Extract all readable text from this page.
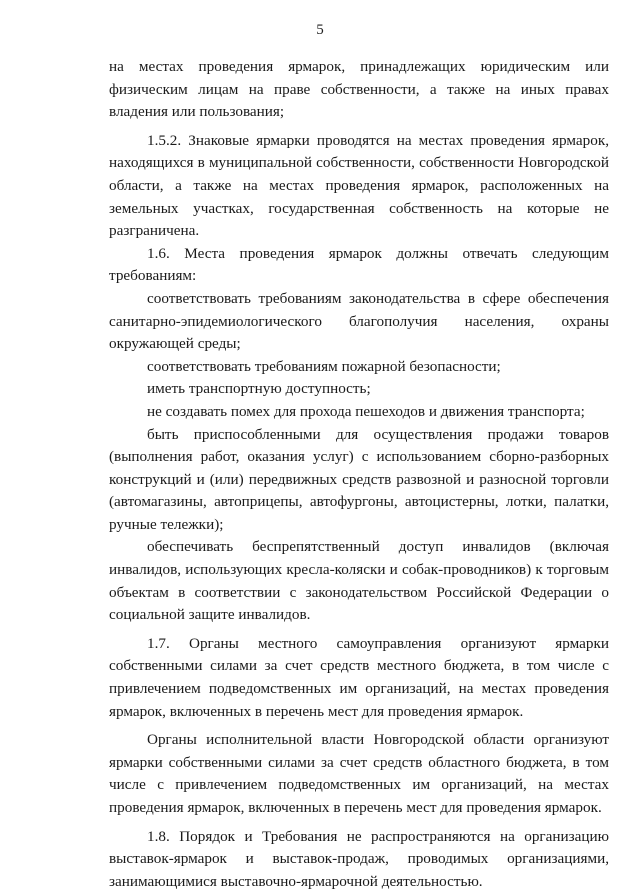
5

на местах проведения ярмарок, принадлежащих юридическим или физическим лицам на праве собственности, а также на иных правах владения или пользования;

1.5.2. Знаковые ярмарки проводятся на местах проведения ярмарок, находящихся в муниципальной собственности, собственности Новгородской области, а также на местах проведения ярмарок, расположенных на земельных участках, государственная собственность на которые не разграничена.

1.6. Места проведения ярмарок должны отвечать следующим требованиям:

соответствовать требованиям законодательства в сфере обеспечения санитарно-эпидемиологического благополучия населения, охраны окружающей среды;

соответствовать требованиям пожарной безопасности;

иметь транспортную доступность;

не создавать помех для прохода пешеходов и движения транспорта;

быть приспособленными для осуществления продажи товаров (выполнения работ, оказания услуг) с использованием сборно-разборных конструкций и (или) передвижных средств развозной и разносной торговли (автомагазины, автоприцепы, автофургоны, автоцистерны, лотки, палатки, ручные тележки);

обеспечивать беспрепятственный доступ инвалидов (включая инвалидов, использующих кресла-коляски и собак-проводников) к торговым объектам в соответствии с законодательством Российской Федерации о социальной защите инвалидов.

1.7. Органы местного самоуправления организуют ярмарки собственными силами за счет средств местного бюджета, в том числе с привлечением подведомственных им организаций, на местах проведения ярмарок, включенных в перечень мест для проведения ярмарок.

Органы исполнительной власти Новгородской области организуют ярмарки собственными силами за счет средств областного бюджета, в том числе с привлечением подведомственных им организаций, на местах проведения ярмарок, включенных в перечень мест для проведения ярмарок.

1.8. Порядок и Требования не распространяются на организацию выставок-ярмарок и выставок-продаж, проводимых организациями, занимающимися выставочно-ярмарочной деятельностью.
